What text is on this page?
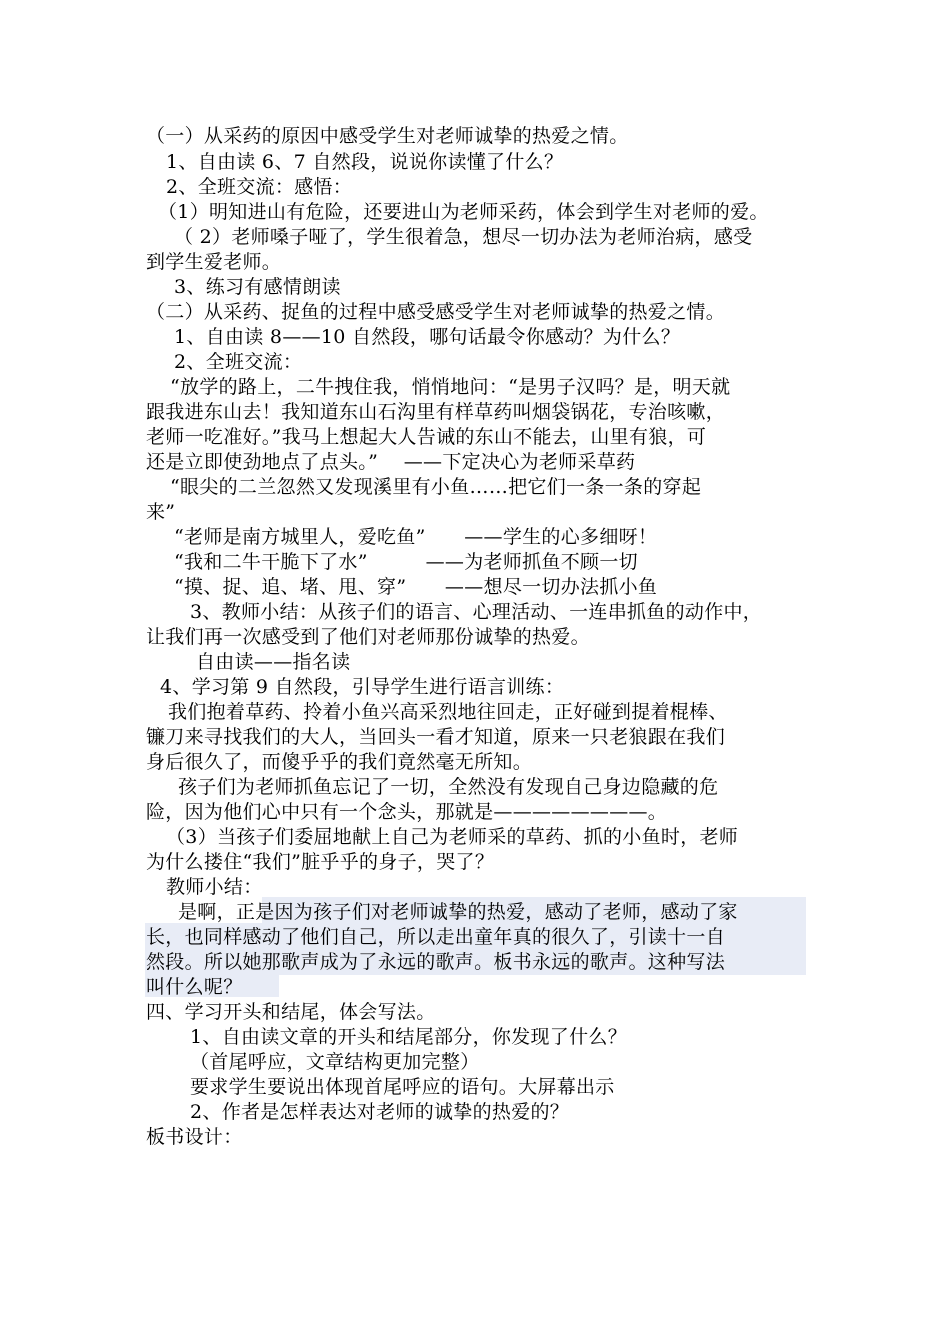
（一）从采药的原因中感受学生对老师诚挚的热爱之情。
1、自由读 6、7 自然段，说说你读懂了什么？
2、全班交流：感悟：
（1）明知进山有危险，还要进山为老师采药，体会到学生对老师的爱。
（ 2）老师嗓子哑了，学生很着急，想尽一切办法为老师治病，感受
到学生爱老师。
3、练习有感情朗读
（二）从采药、捉鱼的过程中感受感受学生对老师诚挚的热爱之情。
1、自由读 8——10 自然段，哪句话最令你感动？为什么？
2、全班交流：
“放学的路上，二牛拽住我，悄悄地问：“是男子汉吗？是，明天就
跟我进东山去！我知道东山石沟里有样草药叫烟袋锅花，专治咳嗽，
老师一吃准好。”我马上想起大人告诫的东山不能去，山里有狼，可
还是立即使劲地点了点头。”　 ——下定决心为老师采草药
“眼尖的二兰忽然又发现溪里有小鱼……把它们一条一条的穿起
来”
“老师是南方城里人，爱吃鱼”　　——学生的心多细呀！
“我和二牛干脆下了水”　　　——为老师抓鱼不顾一切
“摸、捉、追、堵、甩、穿”　　——想尽一切办法抓小鱼
3、教师小结：从孩子们的语言、心理活动、一连串抓鱼的动作中，
让我们再一次感受到了他们对老师那份诚挚的热爱。
自由读——指名读
4、学习第 9 自然段，引导学生进行语言训练：
我们抱着草药、拎着小鱼兴高采烈地往回走，正好碰到提着棍棒、
镰刀来寻找我们的大人，当回头一看才知道，原来一只老狼跟在我们
身后很久了，而傻乎乎的我们竟然毫无所知。
孩子们为老师抓鱼忘记了一切，全然没有发现自己身边隐藏的危
险，因为他们心中只有一个念头，那就是————————。
（3）当孩子们委屈地献上自己为老师采的草药、抓的小鱼时，老师
为什么搂住“我们”脏乎乎的身子，哭了？
教师小结：
是啊，正是因为孩子们对老师诚挚的热爱，感动了老师，感动了家
长，也同样感动了他们自己，所以走出童年真的很久了，引读十一自
然段。所以她那歌声成为了永远的歌声。板书永远的歌声。这种写法
叫什么呢？
四、学习开头和结尾，体会写法。
1、自由读文章的开头和结尾部分，你发现了什么？
（首尾呼应，文章结构更加完整）
要求学生要说出体现首尾呼应的语句。大屏幕出示
2、作者是怎样表达对老师的诚挚的热爱的？
板书设计：
